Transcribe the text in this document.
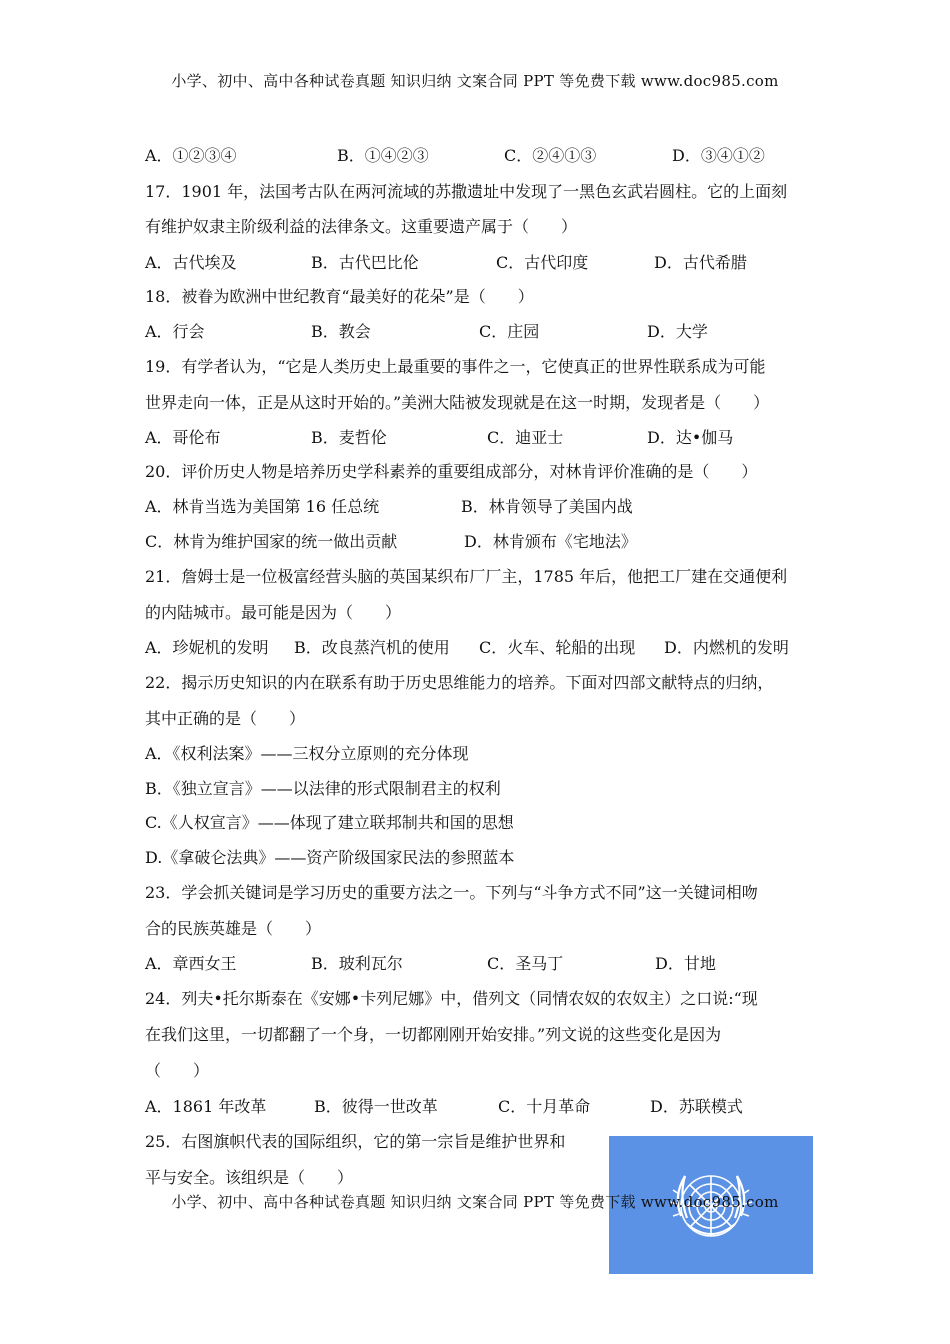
小学、初中、高中各种试卷真题 知识归纳 文案合同 PPT 等免费下载 www.doc985.com
A．①②③④	B．①④②③	C．②④①③	D．③④①②
17．1901 年，法国考古队在两河流域的苏撒遗址中发现了一黑色玄武岩圆柱。它的上面刻
有维护奴隶主阶级利益的法律条文。这重要遗产属于（　　）
A．古代埃及	B．古代巴比伦	C．古代印度	D．古代希腊
18．被眷为欧洲中世纪教育“最美好的花朵”是（　　）
A．行会	B．教会	C．庄园	D．大学
19．有学者认为，“它是人类历史上最重要的事件之一，它使真正的世界性联系成为可能
世界走向一体，正是从这时开始的。”美洲大陆被发现就是在这一时期，发现者是（　　）
A．哥伦布	B．麦哲伦	C．迪亚士	D．达•伽马
20．评价历史人物是培养历史学科素养的重要组成部分，对林肯评价准确的是（　　）
A．林肯当选为美国第 16 任总统	B．林肯领导了美国内战
C．林肯为维护国家的统一做出贡献	D．林肯颁布《宅地法》
21．詹姆士是一位极富经营头脑的英国某织布厂厂主，1785 年后，他把工厂建在交通便利
的内陆城市。最可能是因为（　　）
A．珍妮机的发明 B．改良蒸汽机的使用 C．火车、轮船的出现 D．内燃机的发明
22．揭示历史知识的内在联系有助于历史思维能力的培养。下面对四部文献特点的归纳，
其中正确的是（　　）
A．《权利法案》——三权分立原则的充分体现
B．《独立宣言》——以法律的形式限制君主的权利
C.《人权宣言》——体现了建立联邦制共和国的思想
D.《拿破仑法典》——资产阶级国家民法的参照蓝本
23．学会抓关键词是学习历史的重要方法之一。下列与“斗争方式不同”这一关键词相吻
合的民族英雄是（　　）
A．章西女王	B．玻利瓦尔	C．圣马丁	D．甘地
24．列夫•托尔斯泰在《安娜•卡列尼娜》中，借列文（同情农奴的农奴主）之口说:“现
在我们这里，一切都翻了一个身，一切都刚刚开始安排。”列文说的这些变化是因为
（　　）
A．1861 年改革	B．彼得一世改革	C．十月革命	D．苏联模式
25．右图旗帜代表的国际组织，它的第一宗旨是维护世界和
平与安全。该组织是（　　）
小学、初中、高中各种试卷真题 知识归纳 文案合同 PPT 等免费下载 www.doc985.com
